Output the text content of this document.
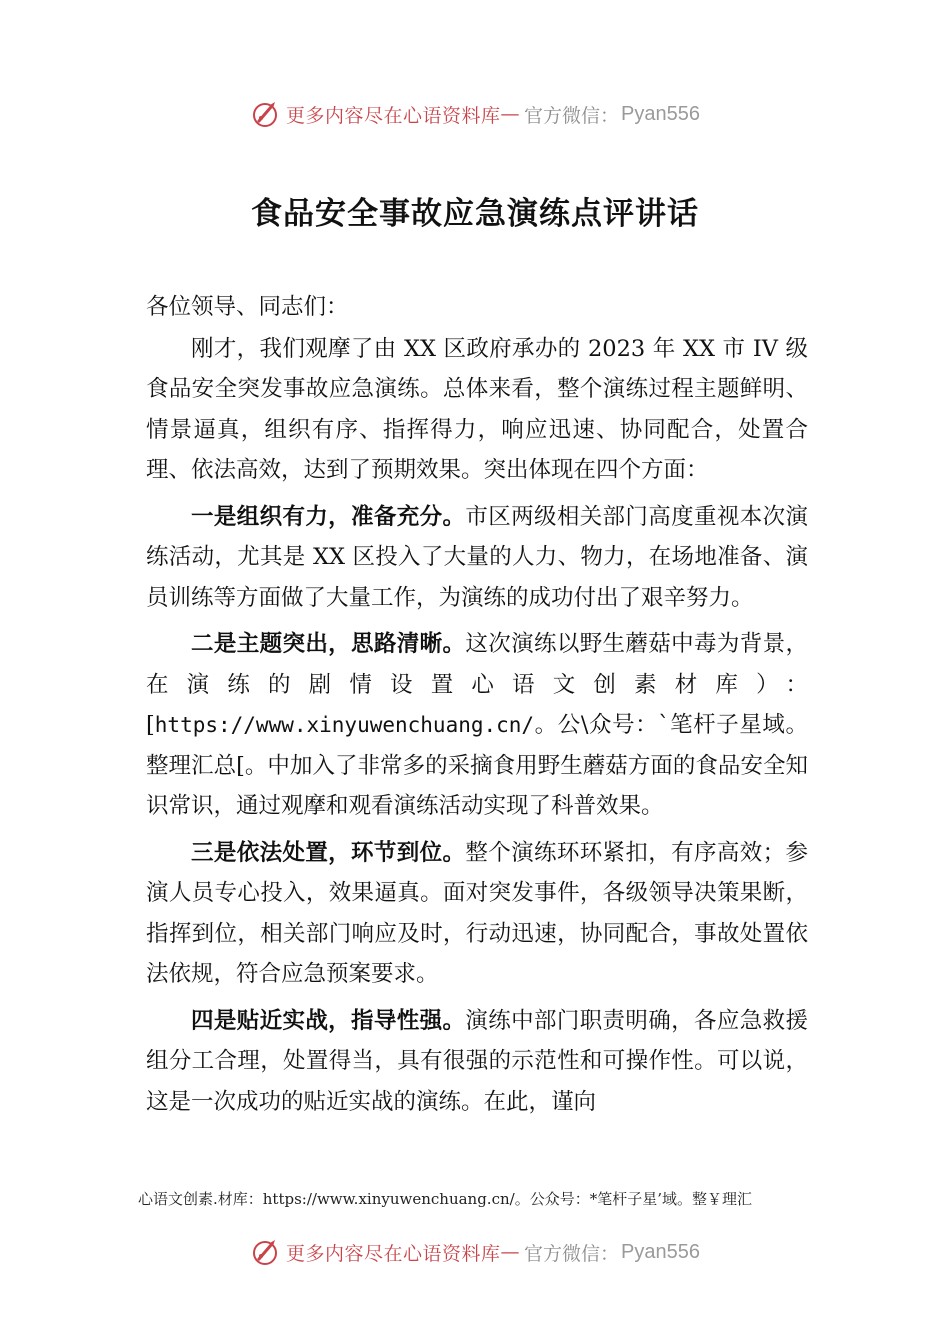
更多内容尽在心语资料库 — 官方微信： Pyan556
食品安全事故应急演练点评讲话

各位领导、同志们：

刚才，我们观摩了由 XX 区政府承办的 2023 年 XX 市 IV 级食品安全突发事故应急演练。总体来看，整个演练过程主题鲜明、情景逼真，组织有序、指挥得力，响应迅速、协同配合，处置合理、依法高效，达到了预期效果。突出体现在四个方面：

一是组织有力，准备充分。市区两级相关部门高度重视本次演练活动，尤其是 XX 区投入了大量的人力、物力，在场地准备、演员训练等方面做了大量工作，为演练的成功付出了艰辛努力。

二是主题突出，思路清晰。这次演练以野生蘑菇中毒为背景，在演练的剧情设置心语文创素材库）：[https://www.xinyuwenchuang.cn/。公\众号：`笔杆子星域。整理汇总[。中加入了非常多的采摘食用野生蘑菇方面的食品安全知识常识，通过观摩和观看演练活动实现了科普效果。

三是依法处置，环节到位。整个演练环环紧扣，有序高效；参演人员专心投入，效果逼真。面对突发事件，各级领导决策果断，指挥到位，相关部门响应及时，行动迅速，协同配合，事故处置依法依规，符合应急预案要求。

四是贴近实战，指导性强。演练中部门职责明确，各应急救援组分工合理，处置得当，具有很强的示范性和可操作性。可以说，这是一次成功的贴近实战的演练。在此，谨向

心语文创素.材库：https://www.xinyuwenchuang.cn/。公众号：*笔杆子星’域。整￥理汇
更多内容尽在心语资料库 — 官方微信： Pyan556
